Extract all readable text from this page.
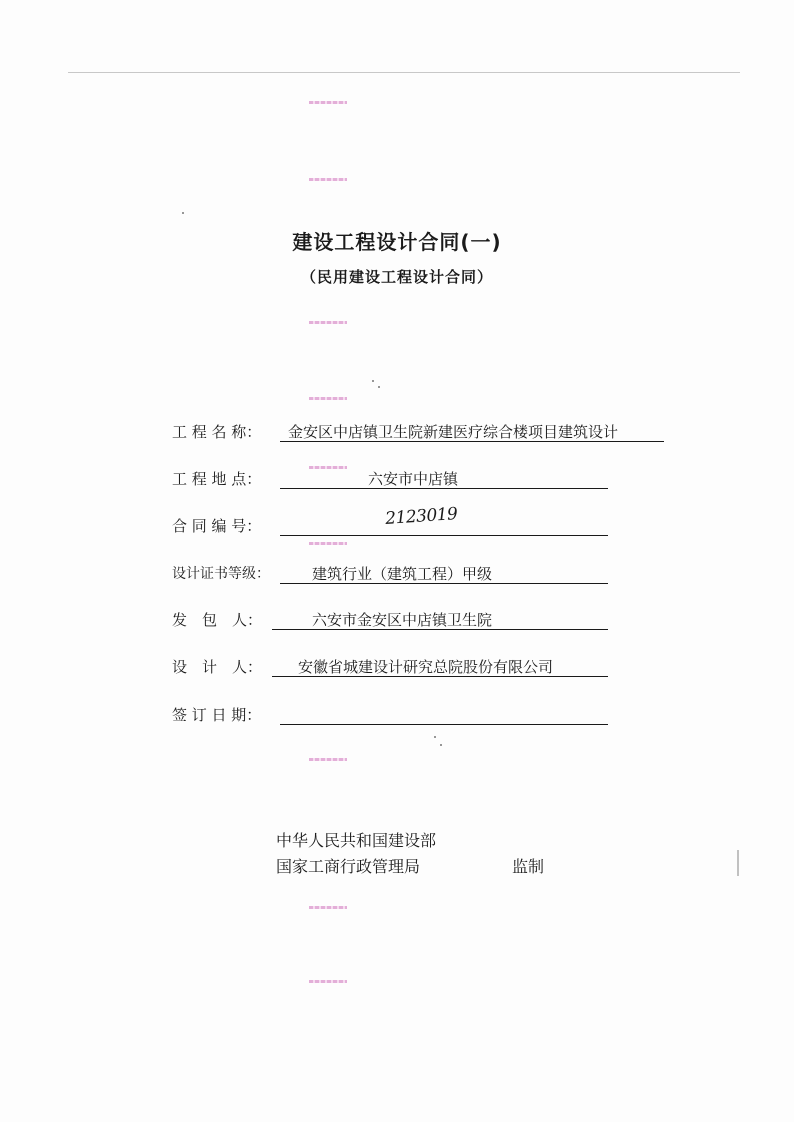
建设工程设计合同(一)
（民用建设工程设计合同）
工 程 名 称： 金安区中店镇卫生院新建医疗综合楼项目建筑设计
工 程 地 点：	六安市中店镇
合 同 编 号：	2123019
设计证书等级：	建筑行业（建筑工程）甲级
发　包　人：	六安市金安区中店镇卫生院
设　计　人： 安徽省城建设计研究总院股份有限公司
签 订 日 期：
中华人民共和国建设部
国家工商行政管理局	监制
